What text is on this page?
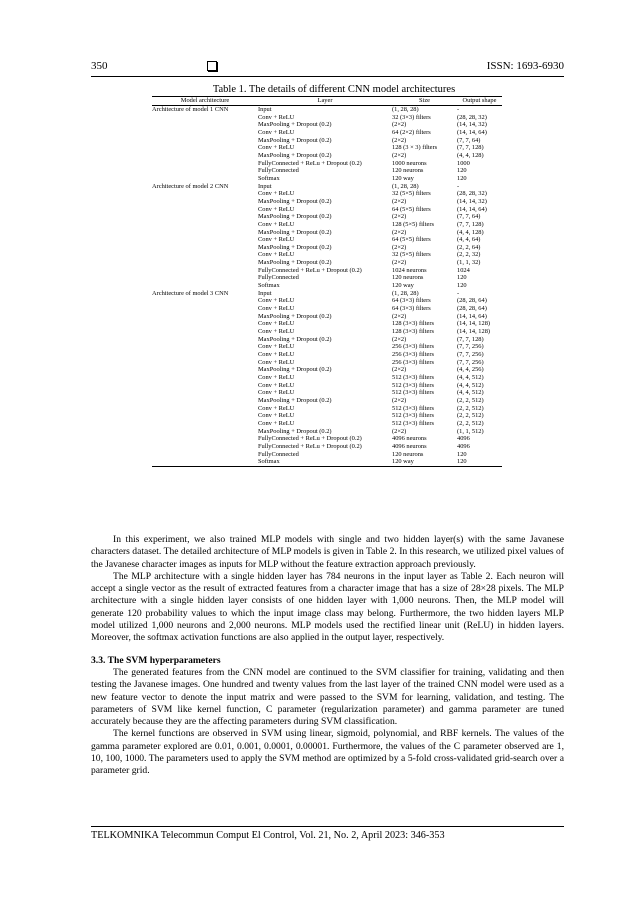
350	ISSN: 1693-6930
Table 1. The details of different CNN model architectures
Model architecture	Layer	Size	Output shape
Architecture of model 1 CNN	Input	(1, 28, 28)	-
	Conv + ReLU	32 (3×3) filters	(28, 28, 32)
	MaxPooling + Dropout (0.2)	(2×2)	(14, 14, 32)
	Conv + ReLU	64 (2×2) filters	(14, 14, 64)
	MaxPooling + Dropout (0.2)	(2×2)	(7, 7, 64)
	Conv + ReLU	128 (3 × 3) filters	(7, 7, 128)
	MaxPooling + Dropout (0.2)	(2×2)	(4, 4, 128)
	FullyConnected + ReLu + Dropout (0.2)	1000 neurons	1000
	FullyConnected	120 neurons	120
	Softmax	120 way	120
Architecture of model 2 CNN	Input	(1, 28, 28)	-
	Conv + ReLU	32 (5×5) filters	(28, 28, 32)
	MaxPooling + Dropout (0.2)	(2×2)	(14, 14, 32)
	Conv + ReLU	64 (5×5) filters	(14, 14, 64)
	MaxPooling + Dropout (0.2)	(2×2)	(7, 7, 64)
	Conv + ReLU	128 (5×5) filters	(7, 7, 128)
	MaxPooling + Dropout (0.2)	(2×2)	(4, 4, 128)
	Conv + ReLU	64 (5×5) filters	(4, 4, 64)
	MaxPooling + Dropout (0.2)	(2×2)	(2, 2, 64)
	Conv + ReLU	32 (5×5) filters	(2, 2, 32)
	MaxPooling + Dropout (0.2)	(2×2)	(1, 1, 32)
	FullyConnected + ReLu + Dropout (0.2)	1024 neurons	1024
	FullyConnected	120 neurons	120
	Softmax	120 way	120
Architecture of model 3 CNN	Input	(1, 28, 28)	-
	Conv + ReLU	64 (3×3) filters	(28, 28, 64)
	Conv + ReLU	64 (3×3) filters	(28, 28, 64)
	MaxPooling + Dropout (0.2)	(2×2)	(14, 14, 64)
	Conv + ReLU	128 (3×3) filters	(14, 14, 128)
	Conv + ReLU	128 (3×3) filters	(14, 14, 128)
	MaxPooling + Dropout (0.2)	(2×2)	(7, 7, 128)
	Conv + ReLU	256 (3×3) filters	(7, 7, 256)
	Conv + ReLU	256 (3×3) filters	(7, 7, 256)
	Conv + ReLU	256 (3×3) filters	(7, 7, 256)
	MaxPooling + Dropout (0.2)	(2×2)	(4, 4, 256)
	Conv + ReLU	512 (3×3) filters	(4, 4, 512)
	Conv + ReLU	512 (3×3) filters	(4, 4, 512)
	Conv + ReLU	512 (3×3) filters	(4, 4, 512)
	MaxPooling + Dropout (0.2)	(2×2)	(2, 2, 512)
	Conv + ReLU	512 (3×3) filters	(2, 2, 512)
	Conv + ReLU	512 (3×3) filters	(2, 2, 512)
	Conv + ReLU	512 (3×3) filters	(2, 2, 512)
	MaxPooling + Dropout (0.2)	(2×2)	(1, 1, 512)
	FullyConnected + ReLu + Dropout (0.2)	4096 neurons	4096
	FullyConnected + ReLu + Dropout (0.2)	4096 neurons	4096
	FullyConnected	120 neurons	120
	Softmax	120 way	120

In this experiment, we also trained MLP models with single and two hidden layer(s) with the same Javanese characters dataset. The detailed architecture of MLP models is given in Table 2. In this research, we utilized pixel values of the Javanese character images as inputs for MLP without the feature extraction approach previously.

The MLP architecture with a single hidden layer has 784 neurons in the input layer as Table 2. Each neuron will accept a single vector as the result of extracted features from a character image that has a size of 28×28 pixels. The MLP architecture with a single hidden layer consists of one hidden layer with 1,000 neurons. Then, the MLP model will generate 120 probability values to which the input image class may belong. Furthermore, the two hidden layers MLP model utilized 1,000 neurons and 2,000 neurons. MLP models used the rectified linear unit (ReLU) in hidden layers. Moreover, the softmax activation functions are also applied in the output layer, respectively.

3.3. The SVM hyperparameters

The generated features from the CNN model are continued to the SVM classifier for training, validating and then testing the Javanese images. One hundred and twenty values from the last layer of the trained CNN model were used as a new feature vector to denote the input matrix and were passed to the SVM for learning, validation, and testing. The parameters of SVM like kernel function, C parameter (regularization parameter) and gamma parameter are tuned accurately because they are the affecting parameters during SVM classification.

The kernel functions are observed in SVM using linear, sigmoid, polynomial, and RBF kernels. The values of the gamma parameter explored are 0.01, 0.001, 0.0001, 0.00001. Furthermore, the values of the C parameter observed are 1, 10, 100, 1000. The parameters used to apply the SVM method are optimized by a 5-fold cross-validated grid-search over a parameter grid.

TELKOMNIKA Telecommun Comput El Control, Vol. 21, No. 2, April 2023: 346-353
